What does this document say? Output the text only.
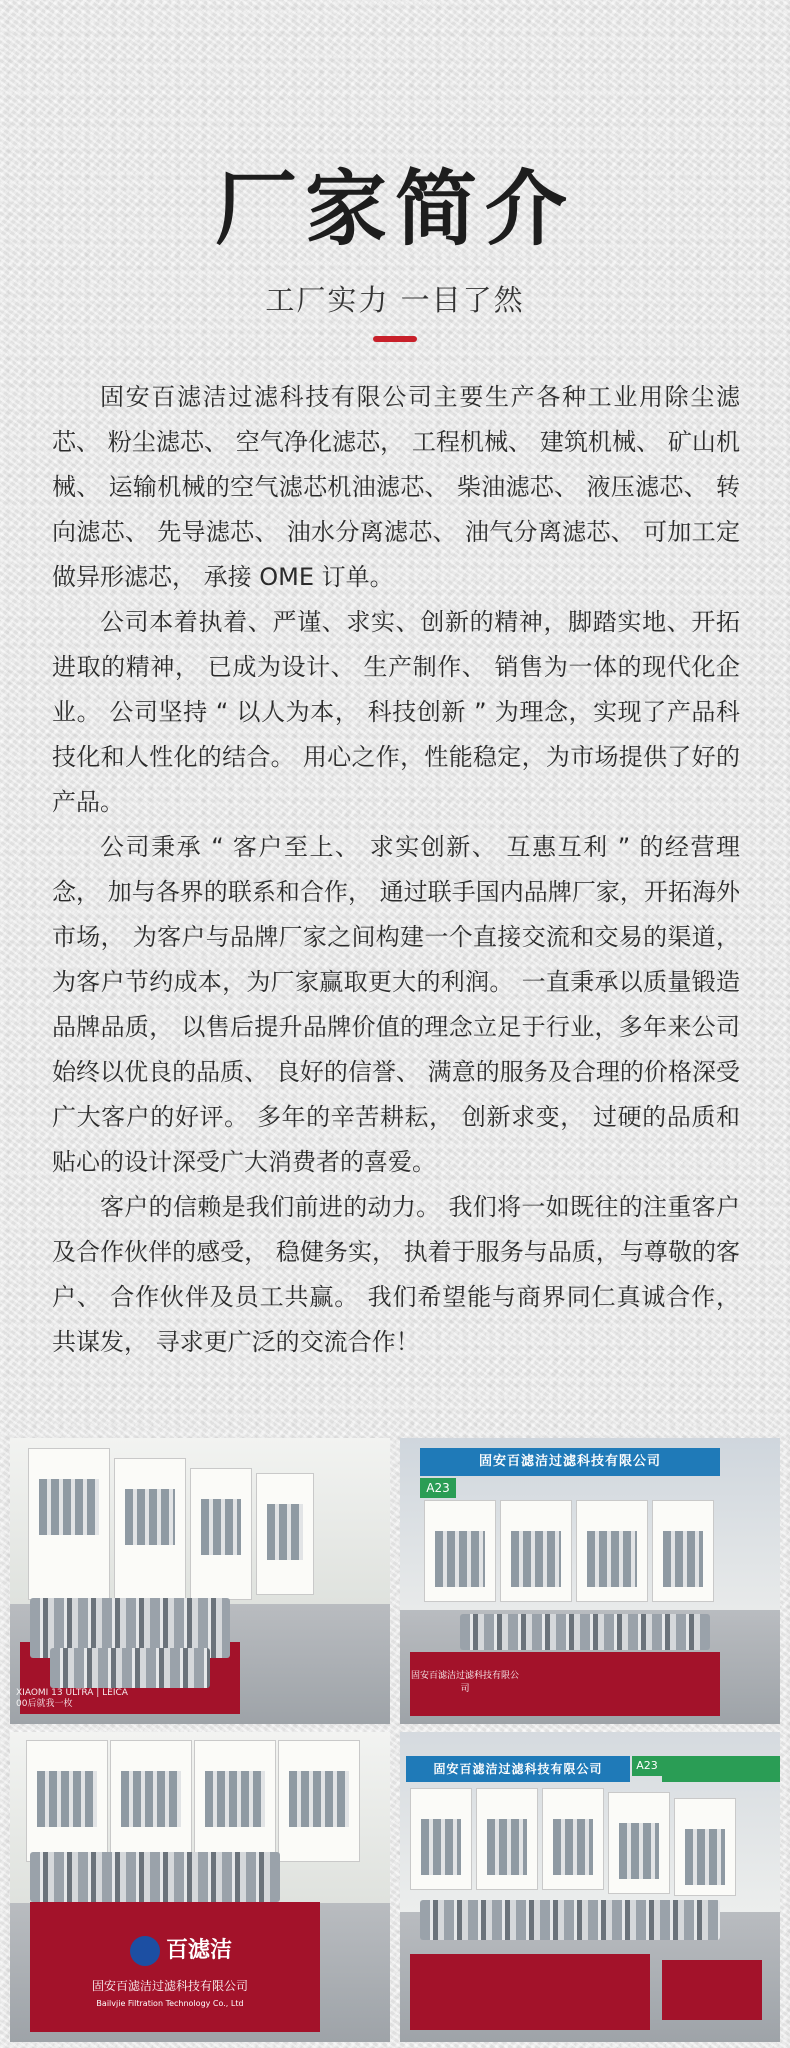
厂家简介
工厂实力 一目了然

固安百滤洁过滤科技有限公司主要生产各种工业用除尘滤芯、 粉尘滤芯、 空气净化滤芯， 工程机械、 建筑机械、 矿山机械、 运输机械的空气滤芯机油滤芯、 柴油滤芯、 液压滤芯、 转向滤芯、 先导滤芯、 油水分离滤芯、 油气分离滤芯、 可加工定做异形滤芯， 承接 OME 订单。

公司本着执着、严谨、求实、创新的精神，脚踏实地、开拓进取的精神， 已成为设计、 生产制作、 销售为一体的现代化企业。 公司坚持 “ 以人为本， 科技创新 ” 为理念，实现了产品科技化和人性化的结合。 用心之作，性能稳定，为市场提供了好的产品。

公司秉承 “ 客户至上、 求实创新、 互惠互利 ” 的经营理念， 加与各界的联系和合作， 通过联手国内品牌厂家，开拓海外市场， 为客户与品牌厂家之间构建一个直接交流和交易的渠道， 为客户节约成本，为厂家赢取更大的利润。 一直秉承以质量锻造品牌品质， 以售后提升品牌价值的理念立足于行业，多年来公司始终以优良的品质、 良好的信誉、 满意的服务及合理的价格深受广大客户的好评。 多年的辛苦耕耘， 创新求变， 过硬的品质和贴心的设计深受广大消费者的喜爱。

客户的信赖是我们前进的动力。 我们将一如既往的注重客户及合作伙伴的感受， 稳健务实， 执着于服务与品质，与尊敬的客户、 合作伙伴及员工共赢。 我们希望能与商界同仁真诚合作， 共谋发， 寻求更广泛的交流合作！

XIAOMI 13 ULTRA | LEICA
00后就我一枚
固安百滤洁过滤科技有限公司
A23
固安百滤洁过滤科技有限公司
百滤洁
固安百滤洁过滤科技有限公司
Bailvjie Filtration Technology Co., Ltd
固安百滤洁过滤科技有限公司	A23
